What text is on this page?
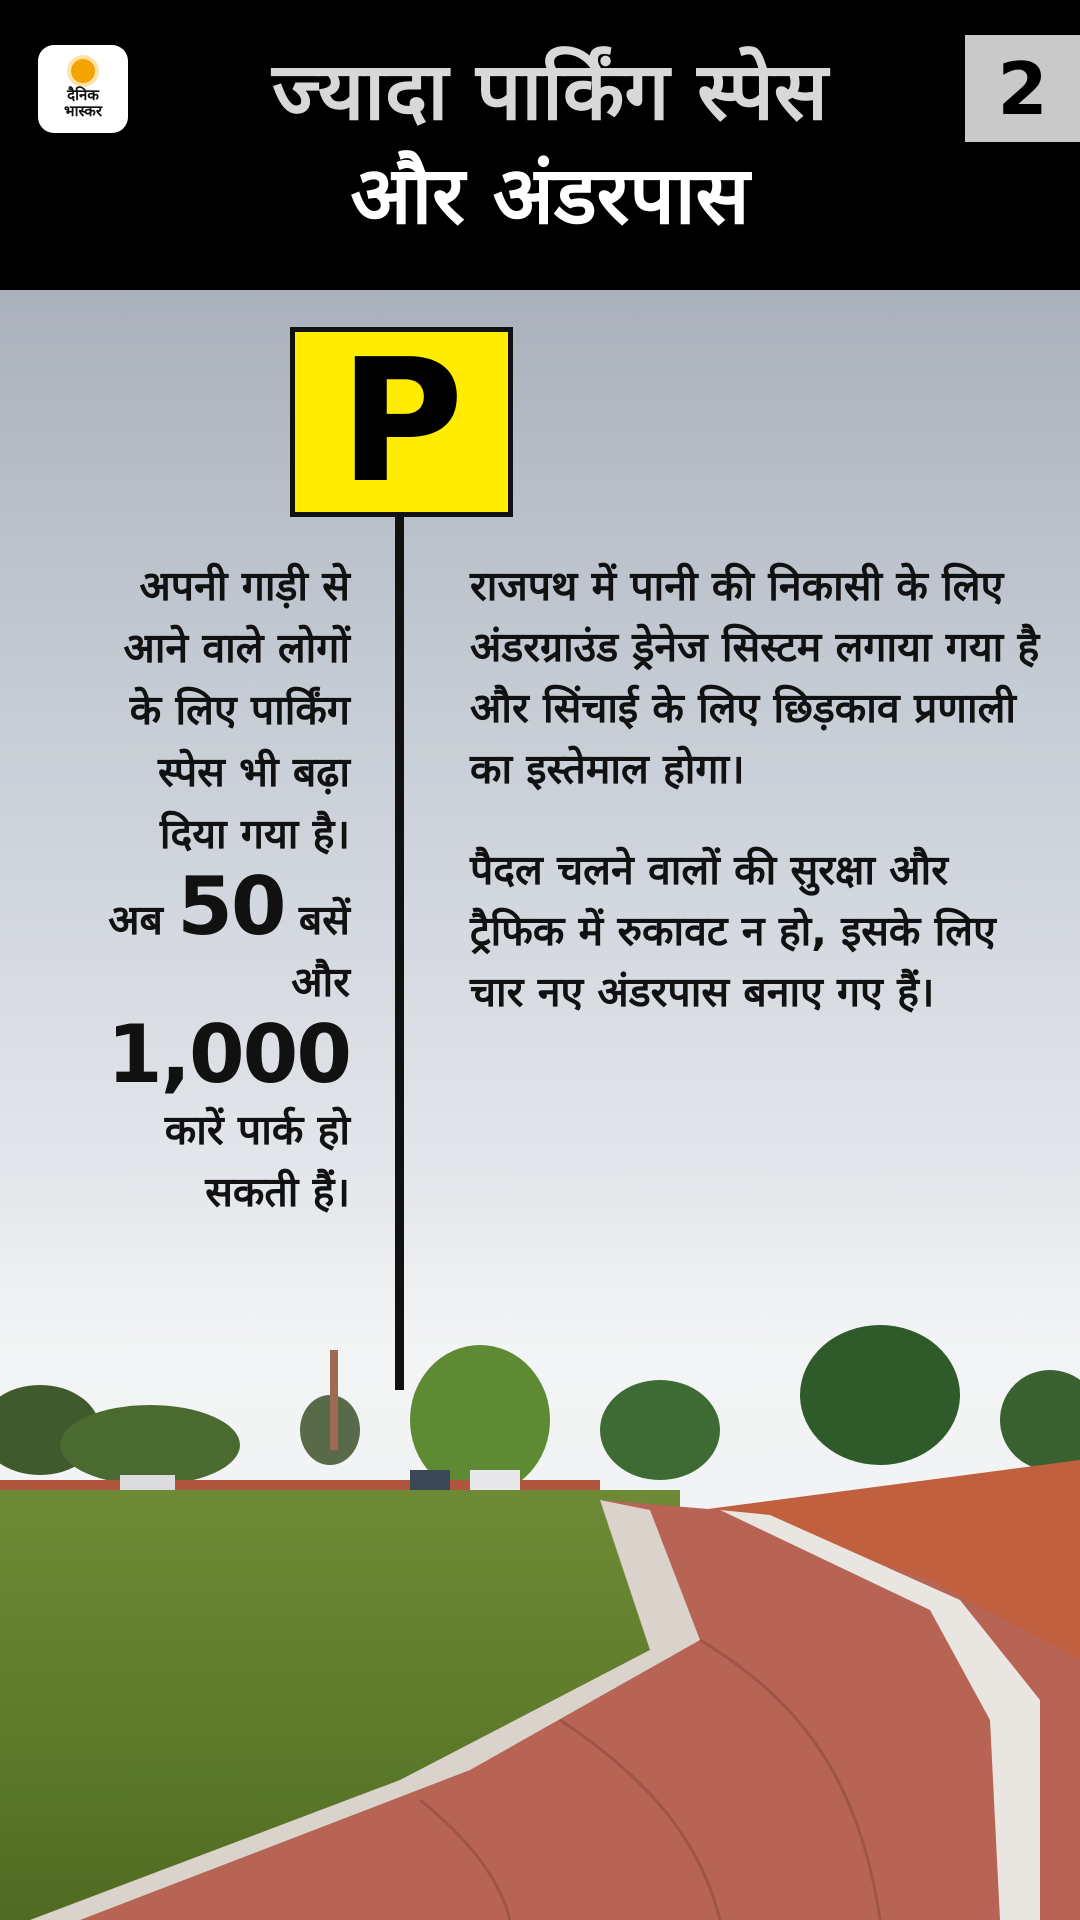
दैनिक
भास्कर	ज्यादा पार्किंग स्पेस
और अंडरपास
2
P
अपनी गाड़ी से
आने वाले लोगों
के लिए पार्किंग
स्पेस भी बढ़ा
दिया गया है।
अब 50 बसें
और 1,000
कारें पार्क हो
सकती हैं।

राजपथ में पानी की निकासी के लिए अंडरग्राउंड ड्रेनेज सिस्टम लगाया गया है और सिंचाई के लिए छिड़काव प्रणाली का इस्तेमाल होगा।

पैदल चलने वालों की सुरक्षा और ट्रैफिक में रुकावट न हो, इसके लिए चार नए अंडरपास बनाए गए हैं।
